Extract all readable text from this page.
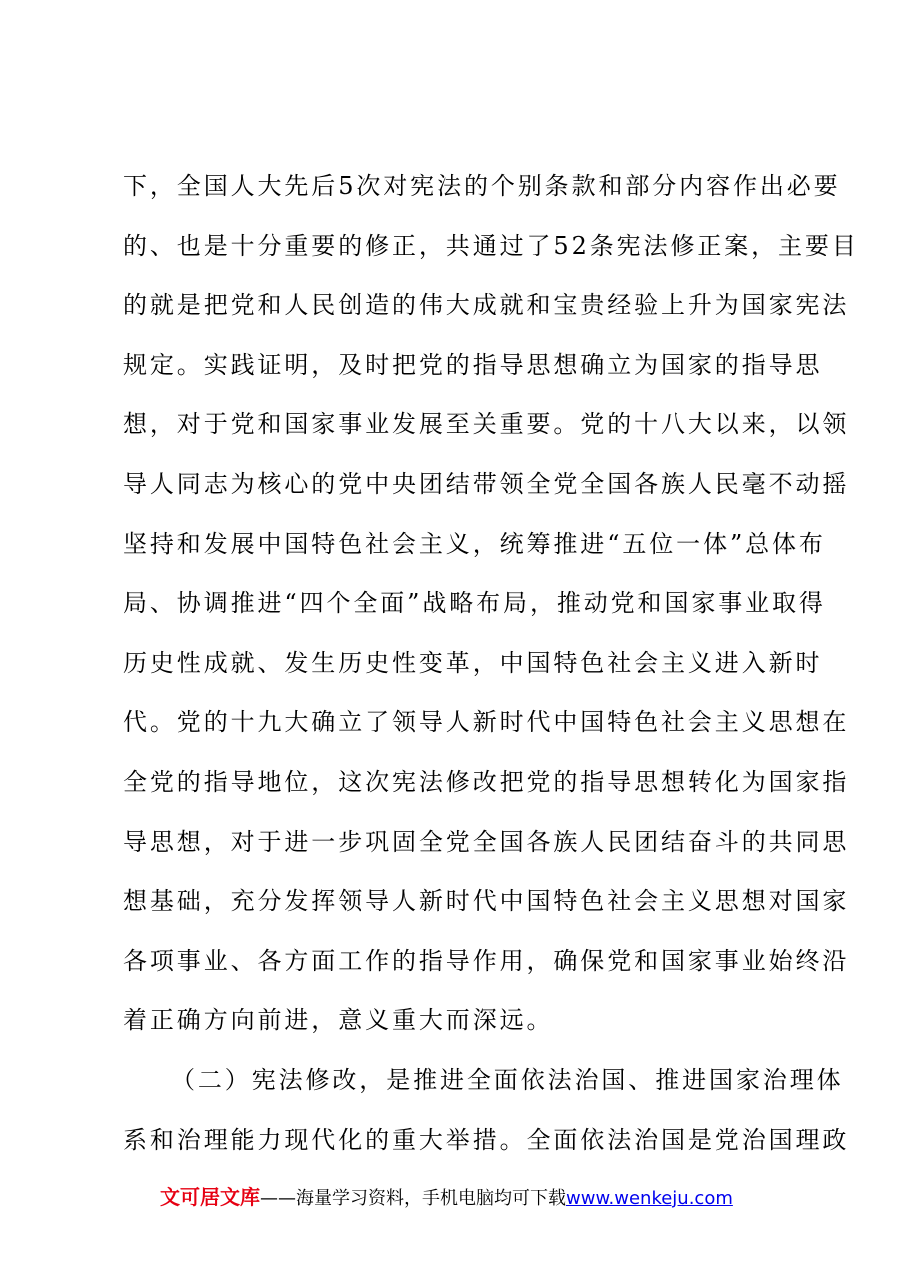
下，全国人大先后5次对宪法的个别条款和部分内容作出必要
的、也是十分重要的修正，共通过了52条宪法修正案，主要目
的就是把党和人民创造的伟大成就和宝贵经验上升为国家宪法
规定。实践证明，及时把党的指导思想确立为国家的指导思
想，对于党和国家事业发展至关重要。党的十八大以来，以领
导人同志为核心的党中央团结带领全党全国各族人民毫不动摇
坚持和发展中国特色社会主义，统筹推进“五位一体”总体布
局、协调推进“四个全面”战略布局，推动党和国家事业取得
历史性成就、发生历史性变革，中国特色社会主义进入新时
代。党的十九大确立了领导人新时代中国特色社会主义思想在
全党的指导地位，这次宪法修改把党的指导思想转化为国家指
导思想，对于进一步巩固全党全国各族人民团结奋斗的共同思
想基础，充分发挥领导人新时代中国特色社会主义思想对国家
各项事业、各方面工作的指导作用，确保党和国家事业始终沿
着正确方向前进，意义重大而深远。
（二）宪法修改，是推进全面依法治国、推进国家治理体
系和治理能力现代化的重大举措。全面依法治国是党治国理政
文可居文库——海量学习资料，手机电脑均可下载www.wenkeju.com
